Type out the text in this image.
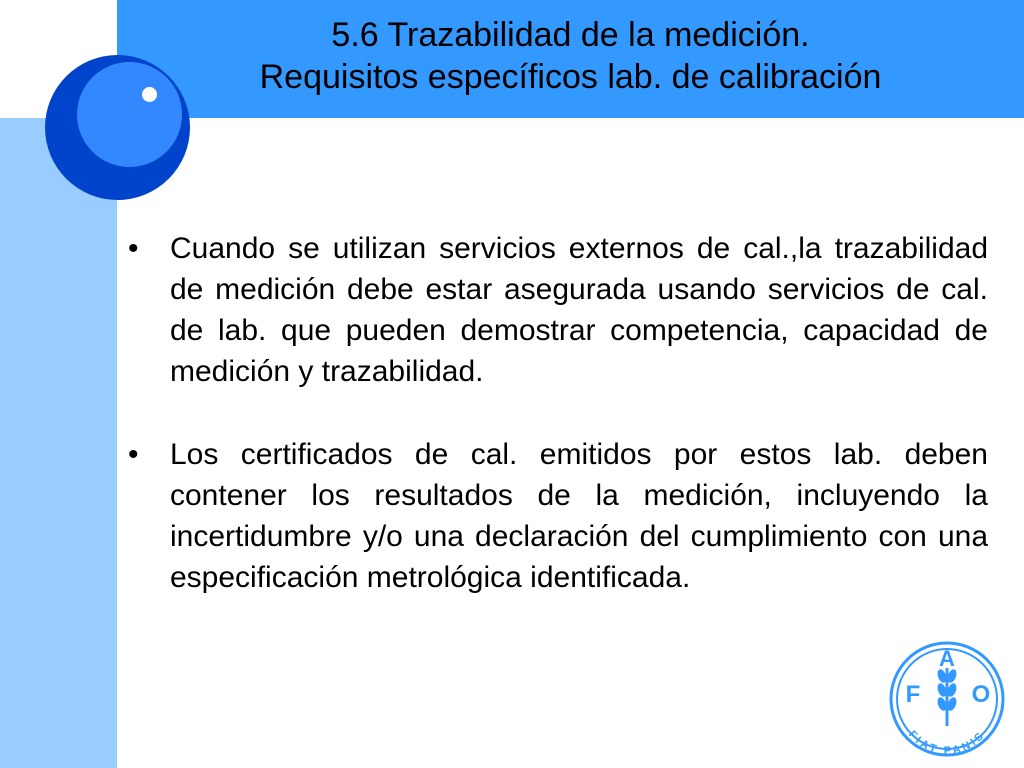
5.6 Trazabilidad de la medición.
Requisitos específicos lab. de calibración
•	Cuando se utilizan servicios externos de cal.,la trazabilidad de medición debe estar asegurada usando servicios de cal. de lab. que pueden demostrar competencia, capacidad de medición y trazabilidad.
•	Los certificados de cal. emitidos por estos lab. deben contener los resultados de la medición, incluyendo la incertidumbre y/o una declaración del cumplimiento con una especificación metrológica identificada.
F
A
O
FIAT PANIS
